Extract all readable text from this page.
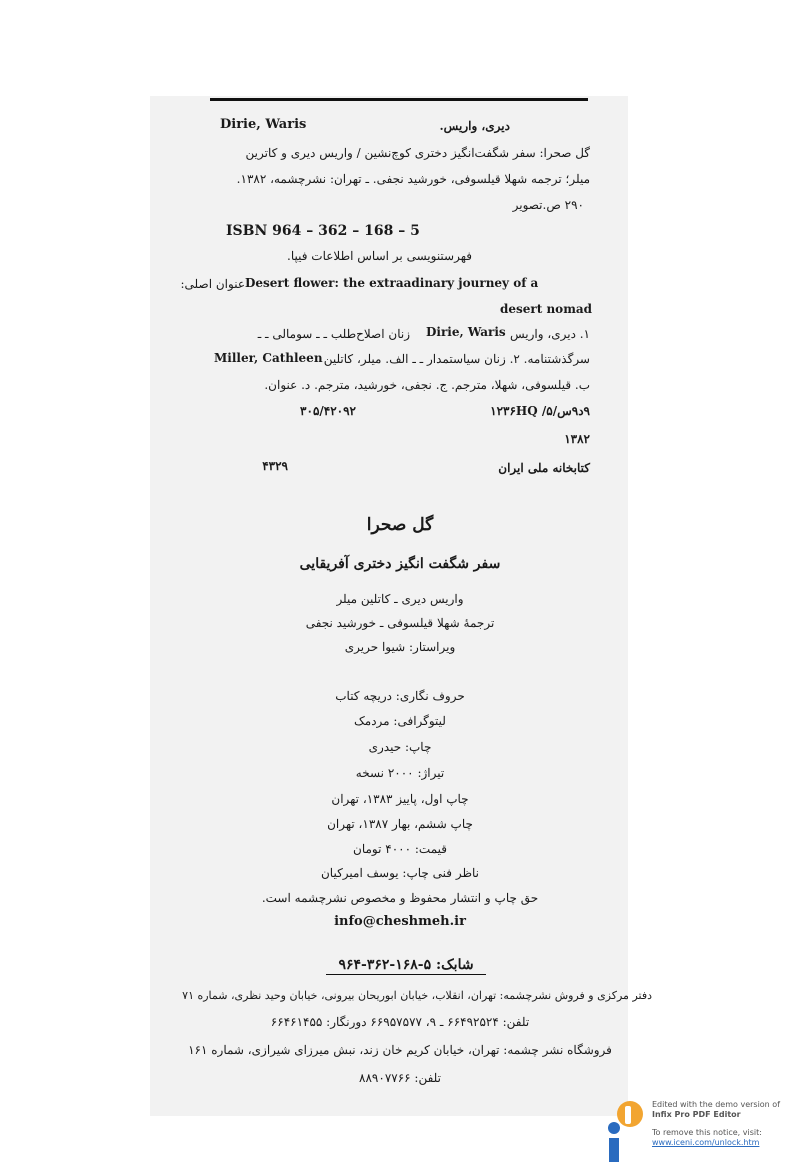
دیری، واریس.
Dirie, Waris
گل صحرا: سفر شگفت‌انگیز دختری کوچ‌نشین / واریس دیری و کاترین
میلر؛ ترجمه شهلا قیلسوفی، خورشید نجفی. ـ تهران: نشرچشمه، ۱۳۸۲.
۲۹۰ ص.تصویر
ISBN 964 – 362 – 168 – 5
فهرستنویسی بر اساس اطلاعات فیپا.
عنوان اصلی: Desert flower: the extraadinary journey of a
desert nomad
۱. دیری، واریس
Dirie, Waris
زنان اصلاح‌طلب ـ ـ سومالی ـ ـ
سرگذشتنامه. ۲. زنان سیاستمدار ـ ـ الف. میلر، کاتلین
Miller, Cathleen
ب. قیلسوفی، شهلا، مترجم. ج. نجفی، خورشید، مترجم. د. عنوان.
۹د۹س/۵/ ۱۲۳۶HQ
۳۰۵/۴۲۰۹۲
۱۳۸۲
کتابخانه ملی ایران
۴۳۲۹
گل صحرا
سفر شگفت انگیز دختری آفریقایی
واریس دیری ـ کاتلین میلر
ترجمهٔ شهلا قیلسوفی ـ خورشید نجفی
ویراستار: شیوا حریری
حروف نگاری: دریچه کتاب
لیتوگرافی: مردمک
چاپ: حیدری
تیراژ: ۲۰۰۰ نسخه
چاپ اول، پاییز ۱۳۸۳، تهران
چاپ ششم، بهار ۱۳۸۷، تهران
قیمت: ۴۰۰۰ تومان
ناظر فنی چاپ: یوسف امیرکیان
حق چاپ و انتشار محفوظ و مخصوص نشرچشمه است.
info@cheshmeh.ir
شابک: ۵-۱۶۸-۳۶۲-۹۶۴
دفتر مرکزی و فروش نشرچشمه: تهران، انقلاب، خیابان ابوریحان بیرونی، خیابان وحید نظری، شماره ۷۱
تلفن: ۶۶۴۹۲۵۲۴ ـ ۹، ۶۶۹۵۷۵۷۷ دورنگار: ۶۶۴۶۱۴۵۵
فروشگاه نشر چشمه: تهران، خیابان کریم خان زند، نبش میرزای شیرازی، شماره ۱۶۱
تلفن: ۸۸۹۰۷۷۶۶
Edited with the demo version of
Infix Pro PDF Editor
To remove this notice, visit:
www.iceni.com/unlock.htm
